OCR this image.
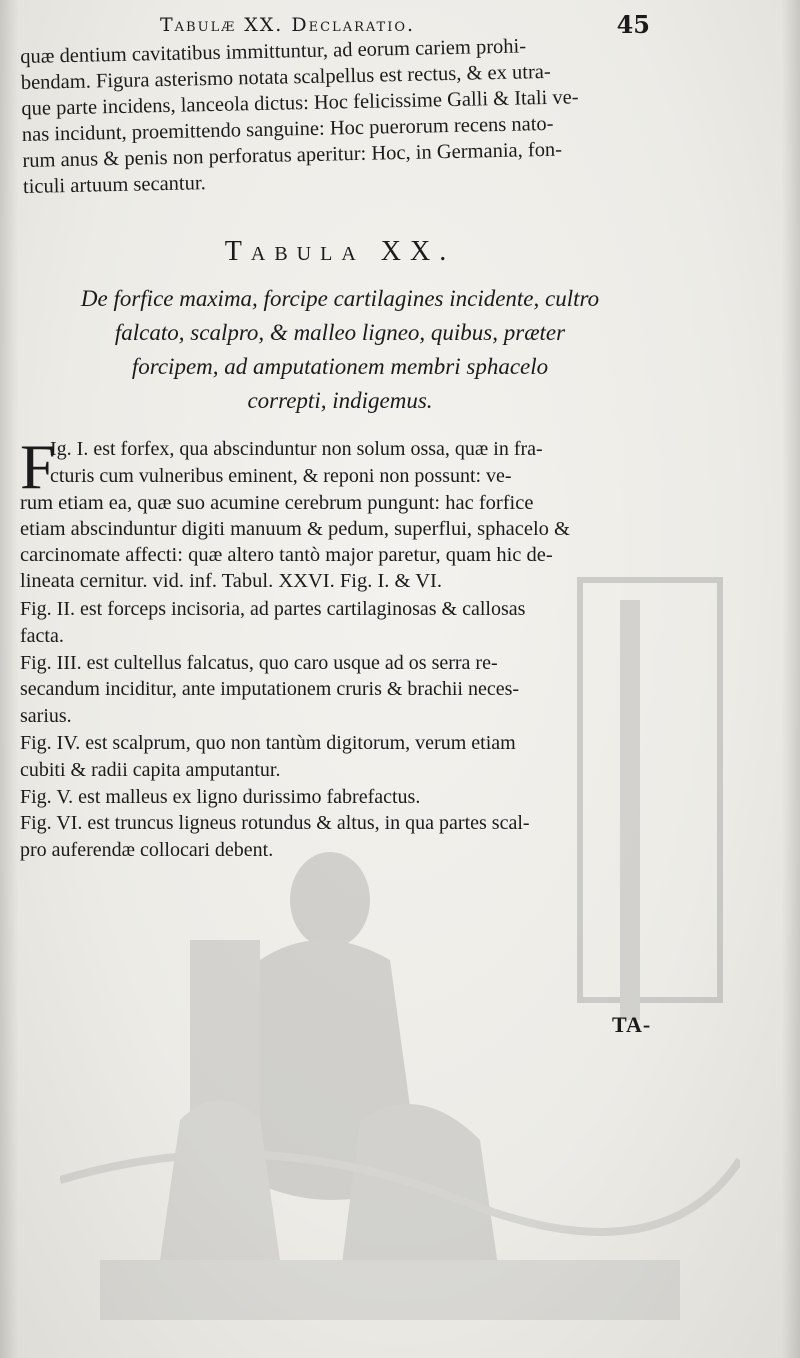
Tabulæ XX. Declaratio.	45

quæ dentium cavitatibus immittuntur, ad eorum cariem prohi-

bendam. Figura asterismo notata scalpellus est rectus, & ex utra-

que parte incidens, lanceola dictus: Hoc felicissime Galli & Itali ve-

nas incidunt, proemittendo sanguine: Hoc puerorum recens nato-

rum anus & penis non perforatus aperitur: Hoc, in Germania, fon-

ticuli artuum secantur.

Tabula XX.

De forfice maxima, forcipe cartilagines incidente, cultro

falcato, scalpro, & malleo ligneo, quibus, præter

forcipem, ad amputationem membri sphacelo

correpti, indigemus.

F

Ig. I. est forfex, qua abscinduntur non solum ossa, quæ in fra-

cturis cum vulneribus eminent, & reponi non possunt: ve-

rum etiam ea, quæ suo acumine cerebrum pungunt: hac forfice

etiam abscinduntur digiti manuum & pedum, superflui, sphacelo &

carcinomate affecti: quæ altero tantò major paretur, quam hic de-

lineata cernitur. vid. inf. Tabul. XXVI. Fig. I. & VI.

Fig. II. est forceps incisoria, ad partes cartilaginosas & callosas

facta.

Fig. III. est cultellus falcatus, quo caro usque ad os serra re-

secandum inciditur, ante imputationem cruris & brachii neces-

sarius.

Fig. IV. est scalprum, quo non tantùm digitorum, verum etiam

cubiti & radii capita amputantur.

Fig. V. est malleus ex ligno durissimo fabrefactus.

Fig. VI. est truncus ligneus rotundus & altus, in qua partes scal-

pro auferendæ collocari debent.

TA-
